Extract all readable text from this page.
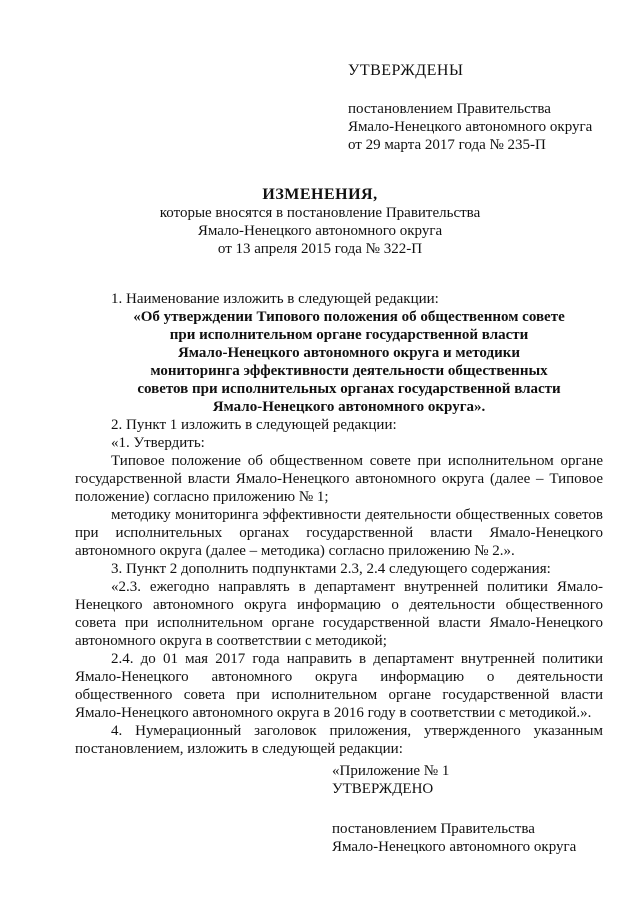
УТВЕРЖДЕНЫ
постановлением Правительства
Ямало-Ненецкого автономного округа
от 29 марта 2017 года № 235-П
ИЗМЕНЕНИЯ,
которые вносятся в постановление Правительства
Ямало-Ненецкого автономного округа
от 13 апреля 2015 года № 322-П

1. Наименование изложить в следующей редакции:

«Об утверждении Типового положения об общественном совете

при исполнительном органе государственной власти

Ямало-Ненецкого автономного округа и методики

мониторинга эффективности деятельности общественных

советов при исполнительных органах государственной власти

Ямало-Ненецкого автономного округа».

2. Пункт 1 изложить в следующей редакции:

«1. Утвердить:

Типовое положение об общественном совете при исполнительном органе государственной власти Ямало-Ненецкого автономного округа (далее – Типовое положение) согласно приложению № 1;

методику мониторинга эффективности деятельности общественных советов при исполнительных органах государственной власти Ямало-Ненецкого автономного округа (далее – методика) согласно приложению № 2.».

3. Пункт 2 дополнить подпунктами 2.3, 2.4 следующего содержания:

«2.3. ежегодно направлять в департамент внутренней политики Ямало-Ненецкого автономного округа информацию о деятельности общественного совета при исполнительном органе государственной власти Ямало-Ненецкого автономного округа в соответствии с методикой;

2.4. до 01 мая 2017 года направить в департамент внутренней политики Ямало-Ненецкого автономного округа информацию о деятельности общественного совета при исполнительном органе государственной власти Ямало-Ненецкого автономного округа в 2016 году в соответствии с методикой.».

4. Нумерационный заголовок приложения, утвержденного указанным постановлением, изложить в следующей редакции:

«Приложение № 1
УТВЕРЖДЕНО
постановлением Правительства
Ямало-Ненецкого автономного округа
